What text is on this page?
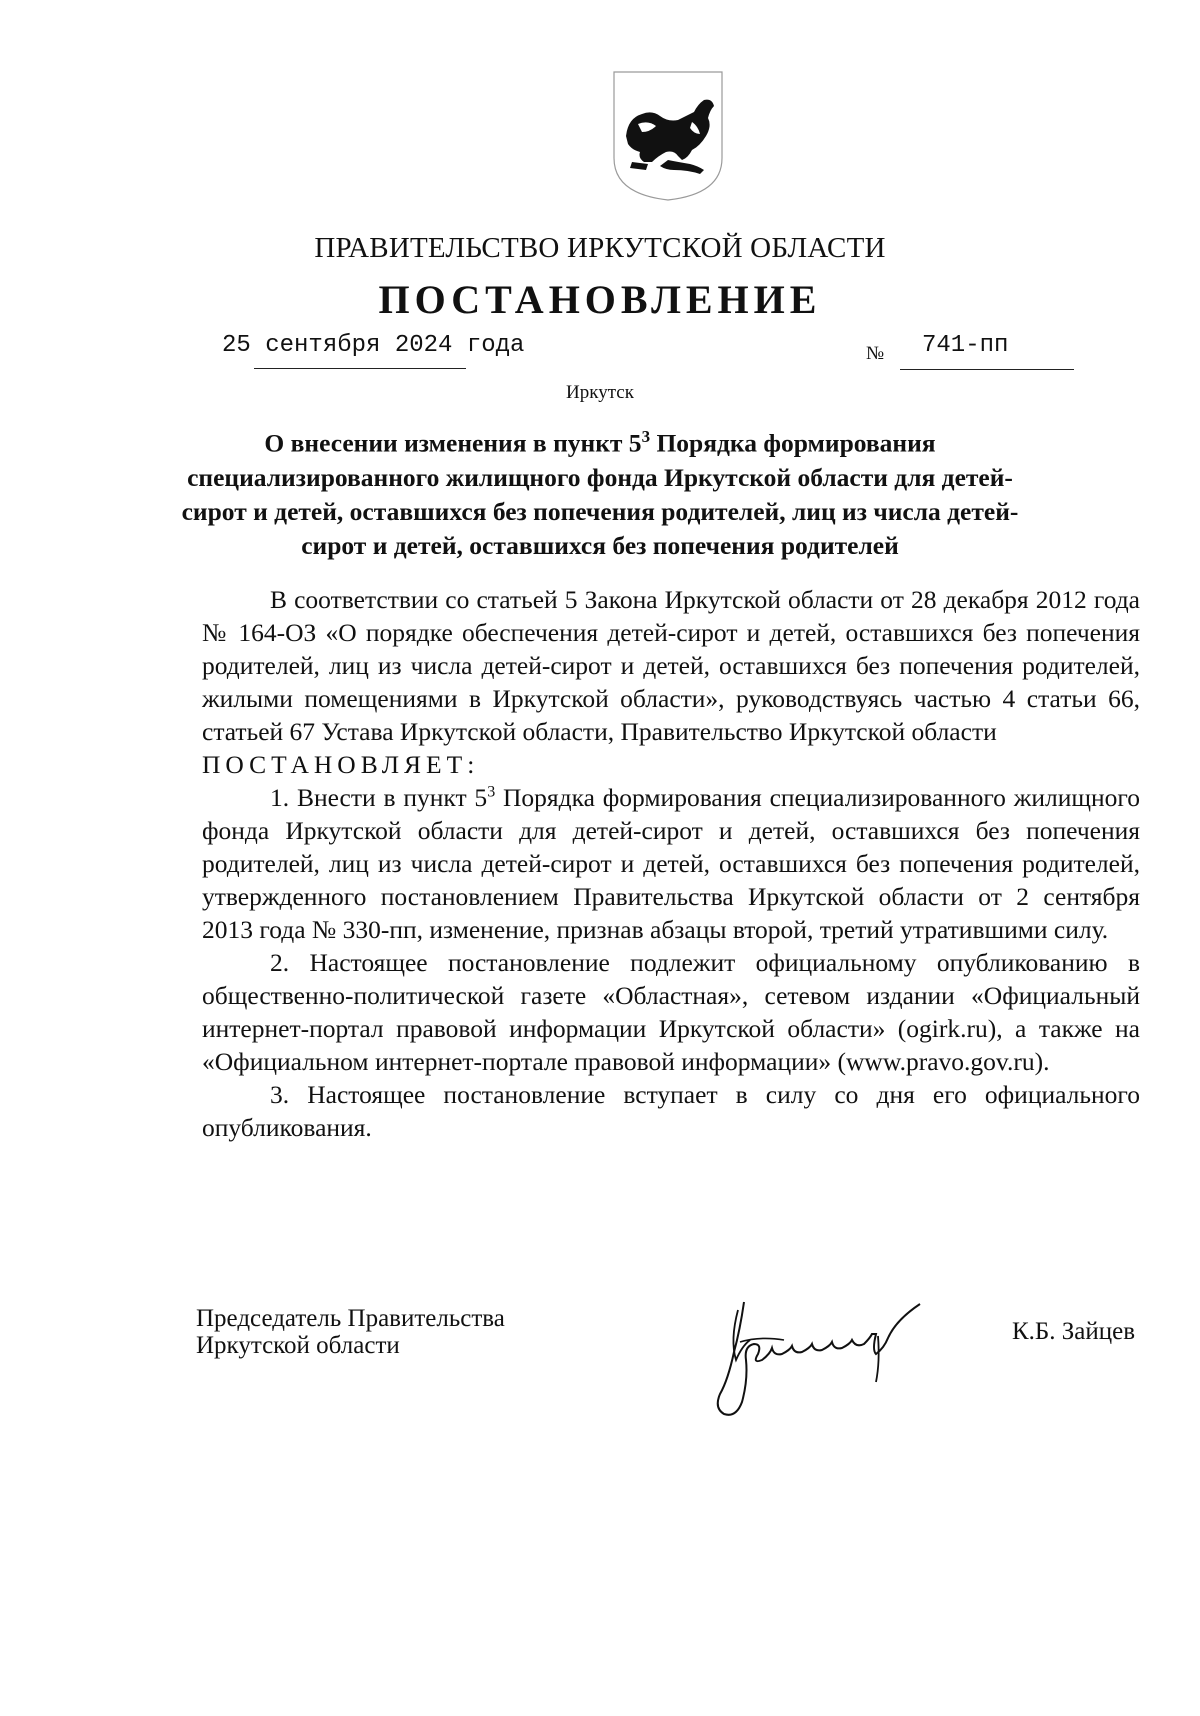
ПРАВИТЕЛЬСТВО ИРКУТСКОЙ ОБЛАСТИ
ПОСТАНОВЛЕНИЕ
25 сентября 2024 года	№ 741-пп
Иркутск
О внесении изменения в пункт $5^3$ Порядка формирования специализированного жилищного фонда Иркутской области для детей-сирот и детей, оставшихся без попечения родителей, лиц из числа детей-сирот и детей, оставшихся без попечения родителей

В соответствии со статьей 5 Закона Иркутской области от 28 декабря 2012 года № 164-ОЗ «О порядке обеспечения детей-сирот и детей, оставшихся без попечения родителей, лиц из числа детей-сирот и детей, оставшихся без попечения родителей, жилыми помещениями в Иркутской области», руководствуясь частью 4 статьи 66, статьей 67 Устава Иркутской области, Правительство Иркутской области

ПОСТАНОВЛЯЕТ:

1. Внести в пункт $5^3$ Порядка формирования специализированного жилищного фонда Иркутской области для детей-сирот и детей, оставшихся без попечения родителей, лиц из числа детей-сирот и детей, оставшихся без попечения родителей, утвержденного постановлением Правительства Иркутской области от 2 сентября 2013 года № 330-пп, изменение, признав абзацы второй, третий утратившими силу.

2. Настоящее постановление подлежит официальному опубликованию в общественно-политической газете «Областная», сетевом издании «Официальный интернет-портал правовой информации Иркутской области» (ogirk.ru), а также на «Официальном интернет-портале правовой информации» (www.pravo.gov.ru).

3. Настоящее постановление вступает в силу со дня его официального опубликования.

Председатель Правительства
Иркутской области
К.Б. Зайцев
